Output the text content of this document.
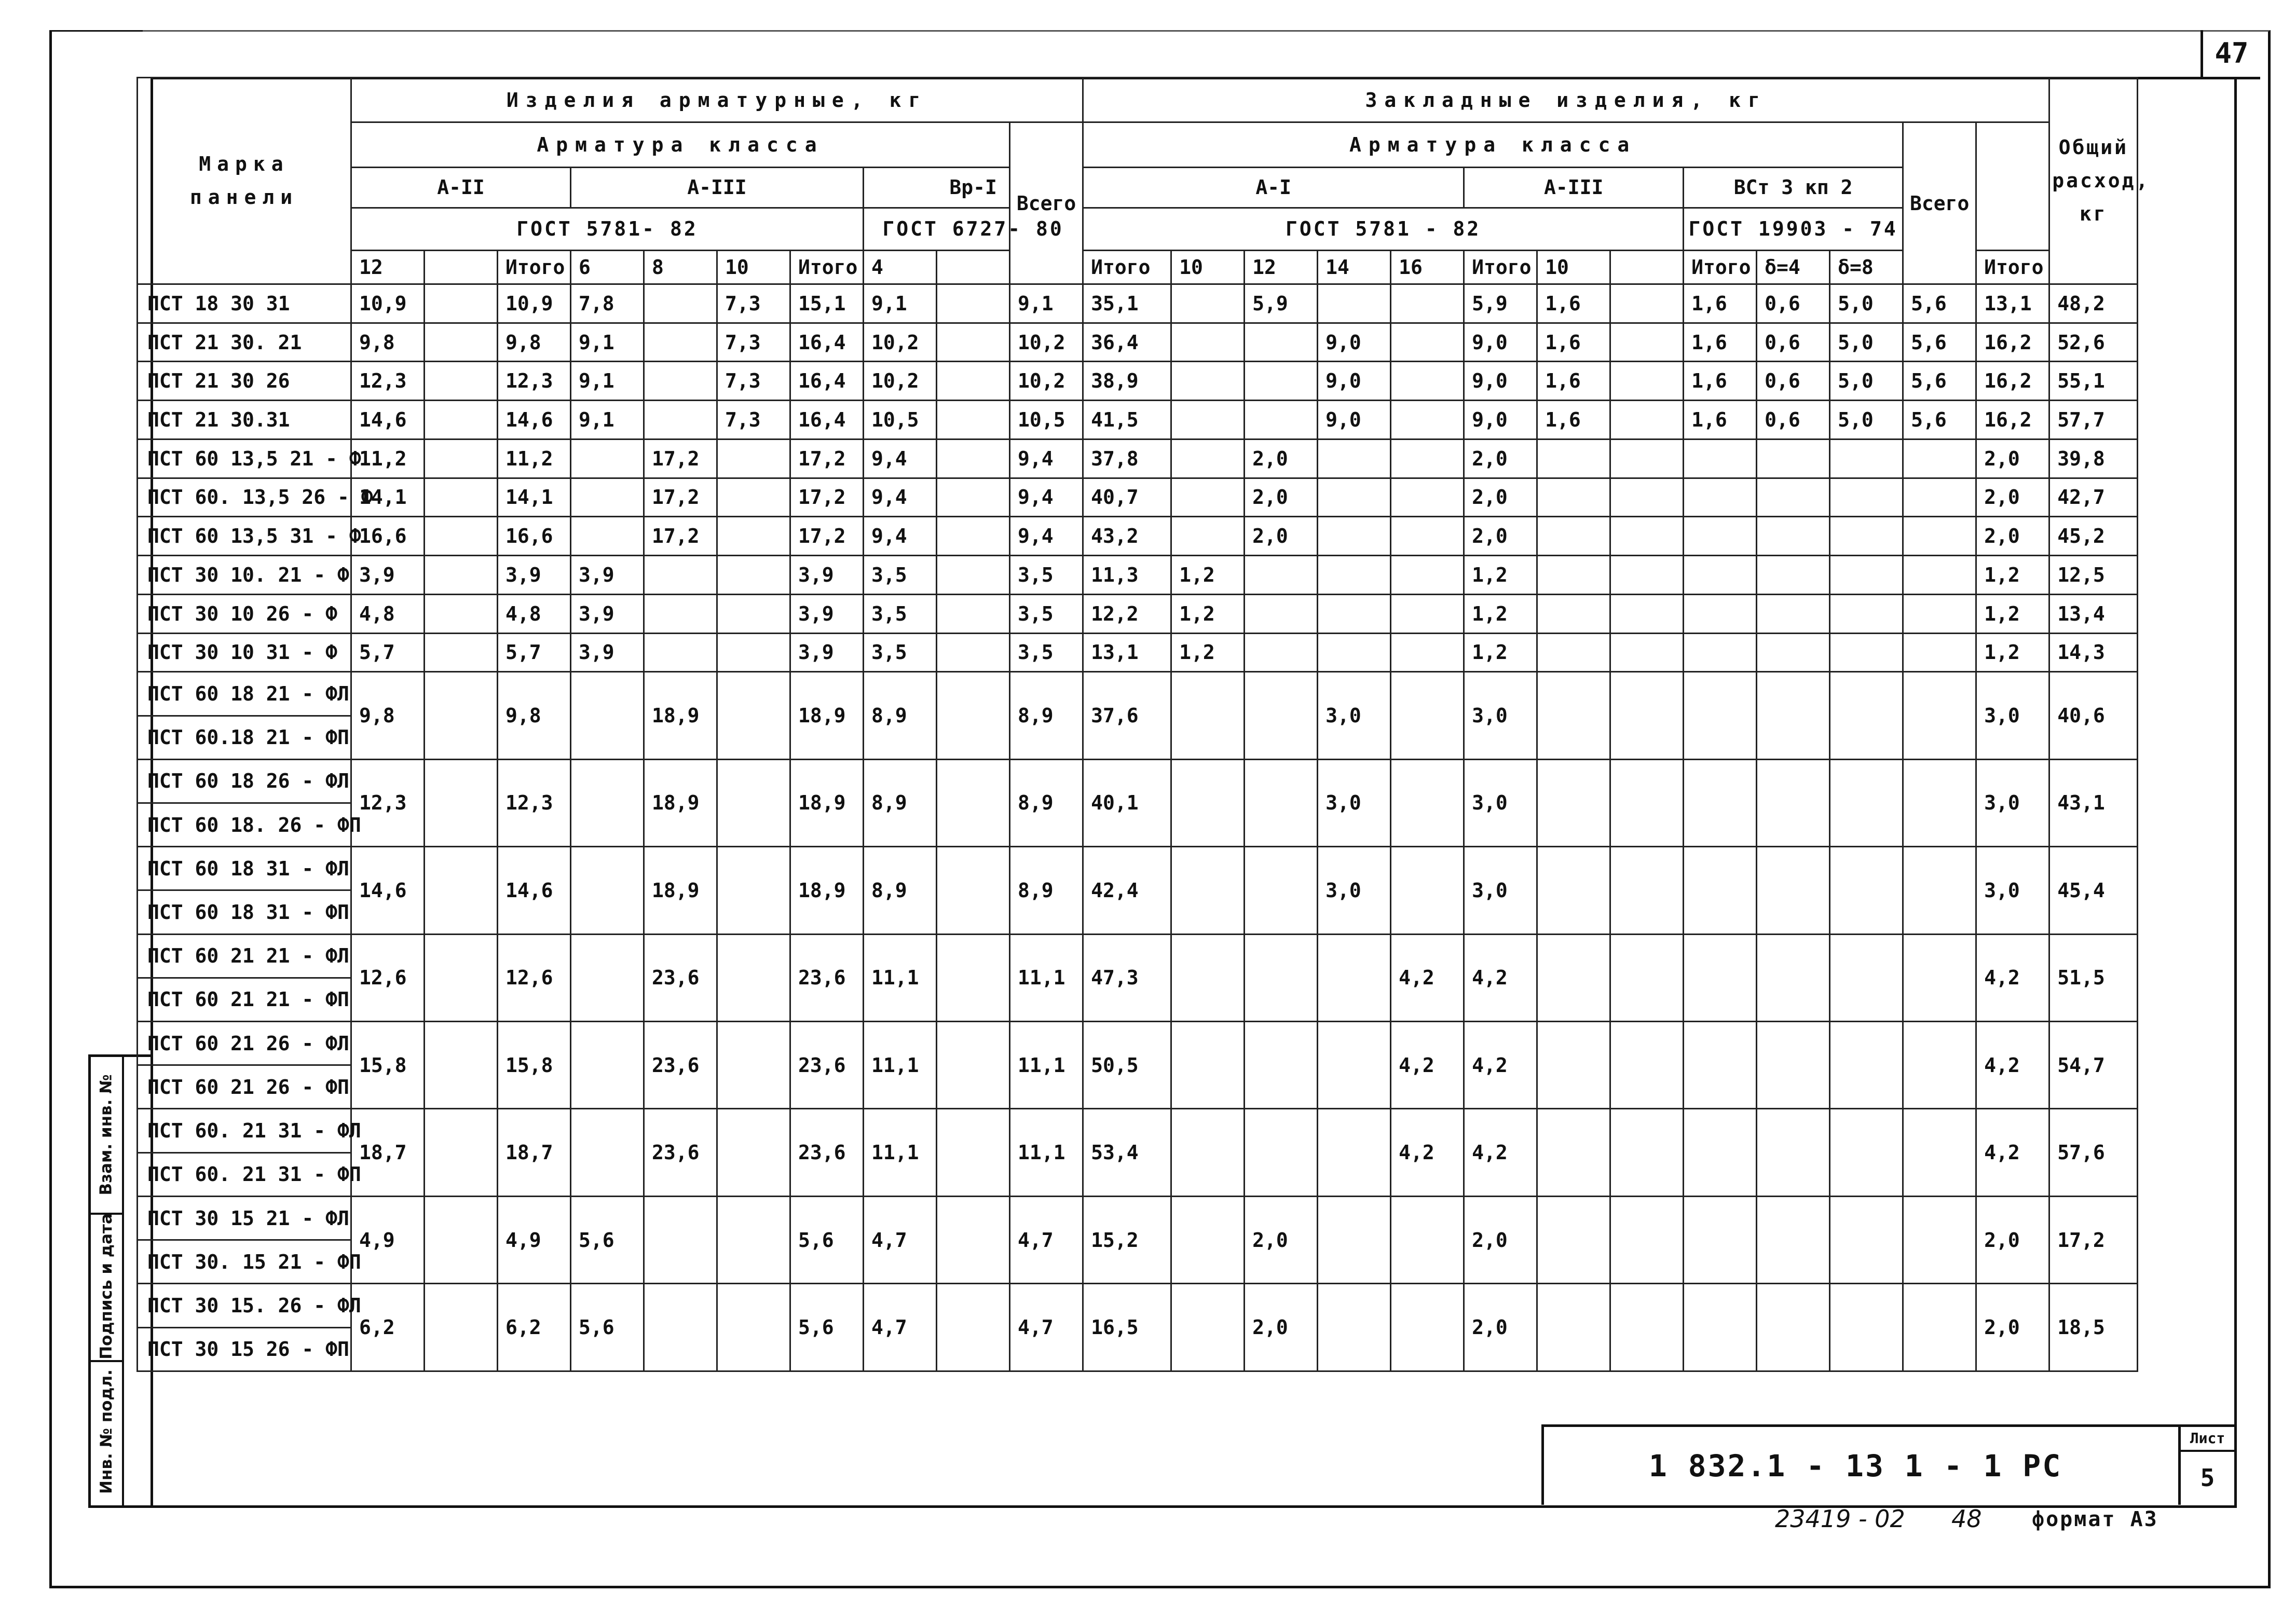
47
Взам. инв. №
Подпись и дата
Инв. № подл.
Марка панели	Изделия арматурные, кг										Закладные изделия, кг													Общий расход, кг
	Арматура класса									Всего	Арматура класса											Всего		
	А-II			А-III				Вр-I			А-I					А-III			ВСт 3 кп 2					
	ГОСТ 5781- 82							ГОСТ 6727- 80			ГОСТ 5781 - 82								ГОСТ 19903 - 74					
	12		Итого	6	8	10	Итого	4			Итого	10	12	14	16	Итого	10		Итого	δ=4	δ=8		Итого	
ПСТ 18 30 31	10,9		10,9	7,8		7,3	15,1	9,1		9,1	35,1		5,9			5,9	1,6		1,6	0,6	5,0	5,6	13,1	48,2
ПСТ 21 30. 21	9,8		9,8	9,1		7,3	16,4	10,2		10,2	36,4			9,0		9,0	1,6		1,6	0,6	5,0	5,6	16,2	52,6
ПСТ 21 30 26	12,3		12,3	9,1		7,3	16,4	10,2		10,2	38,9			9,0		9,0	1,6		1,6	0,6	5,0	5,6	16,2	55,1
ПСТ 21 30.31	14,6		14,6	9,1		7,3	16,4	10,5		10,5	41,5			9,0		9,0	1,6		1,6	0,6	5,0	5,6	16,2	57,7
ПСТ 60 13,5 21 - Ф	11,2		11,2		17,2		17,2	9,4		9,4	37,8		2,0			2,0							2,0	39,8
ПСТ 60. 13,5 26 - Ф	14,1		14,1		17,2		17,2	9,4		9,4	40,7		2,0			2,0							2,0	42,7
ПСТ 60 13,5 31 - Ф	16,6		16,6		17,2		17,2	9,4		9,4	43,2		2,0			2,0							2,0	45,2
ПСТ 30 10. 21 - Ф	3,9		3,9	3,9			3,9	3,5		3,5	11,3	1,2				1,2							1,2	12,5
ПСТ 30 10 26 - Ф	4,8		4,8	3,9			3,9	3,5		3,5	12,2	1,2				1,2							1,2	13,4
ПСТ 30 10 31 - Ф	5,7		5,7	3,9			3,9	3,5		3,5	13,1	1,2				1,2							1,2	14,3
ПСТ 60 18 21 - ФЛ	9,8		9,8		18,9		18,9	8,9		8,9	37,6			3,0		3,0							3,0	40,6
ПСТ 60.18 21 - ФП																								
ПСТ 60 18 26 - ФЛ	12,3		12,3		18,9		18,9	8,9		8,9	40,1			3,0		3,0							3,0	43,1
ПСТ 60 18. 26 - ФП																								
ПСТ 60 18 31 - ФЛ	14,6		14,6		18,9		18,9	8,9		8,9	42,4			3,0		3,0							3,0	45,4
ПСТ 60 18 31 - ФП																								
ПСТ 60 21 21 - ФЛ	12,6		12,6		23,6		23,6	11,1		11,1	47,3				4,2	4,2							4,2	51,5
ПСТ 60 21 21 - ФП																								
ПСТ 60 21 26 - ФЛ	15,8		15,8		23,6		23,6	11,1		11,1	50,5				4,2	4,2							4,2	54,7
ПСТ 60 21 26 - ФП																								
ПСТ 60. 21 31 - ФЛ	18,7		18,7		23,6		23,6	11,1		11,1	53,4				4,2	4,2							4,2	57,6
ПСТ 60. 21 31 - ФП																								
ПСТ 30 15 21 - ФЛ	4,9		4,9	5,6			5,6	4,7		4,7	15,2		2,0			2,0							2,0	17,2
ПСТ 30. 15 21 - ФП																								
ПСТ 30 15. 26 - ФЛ	6,2		6,2	5,6			5,6	4,7		4,7	16,5		2,0			2,0							2,0	18,5
ПСТ 30 15 26 - ФП																								
1 832.1 - 13 1 - 1 РС
Лист
5
23419 - 02 48 формат А3
